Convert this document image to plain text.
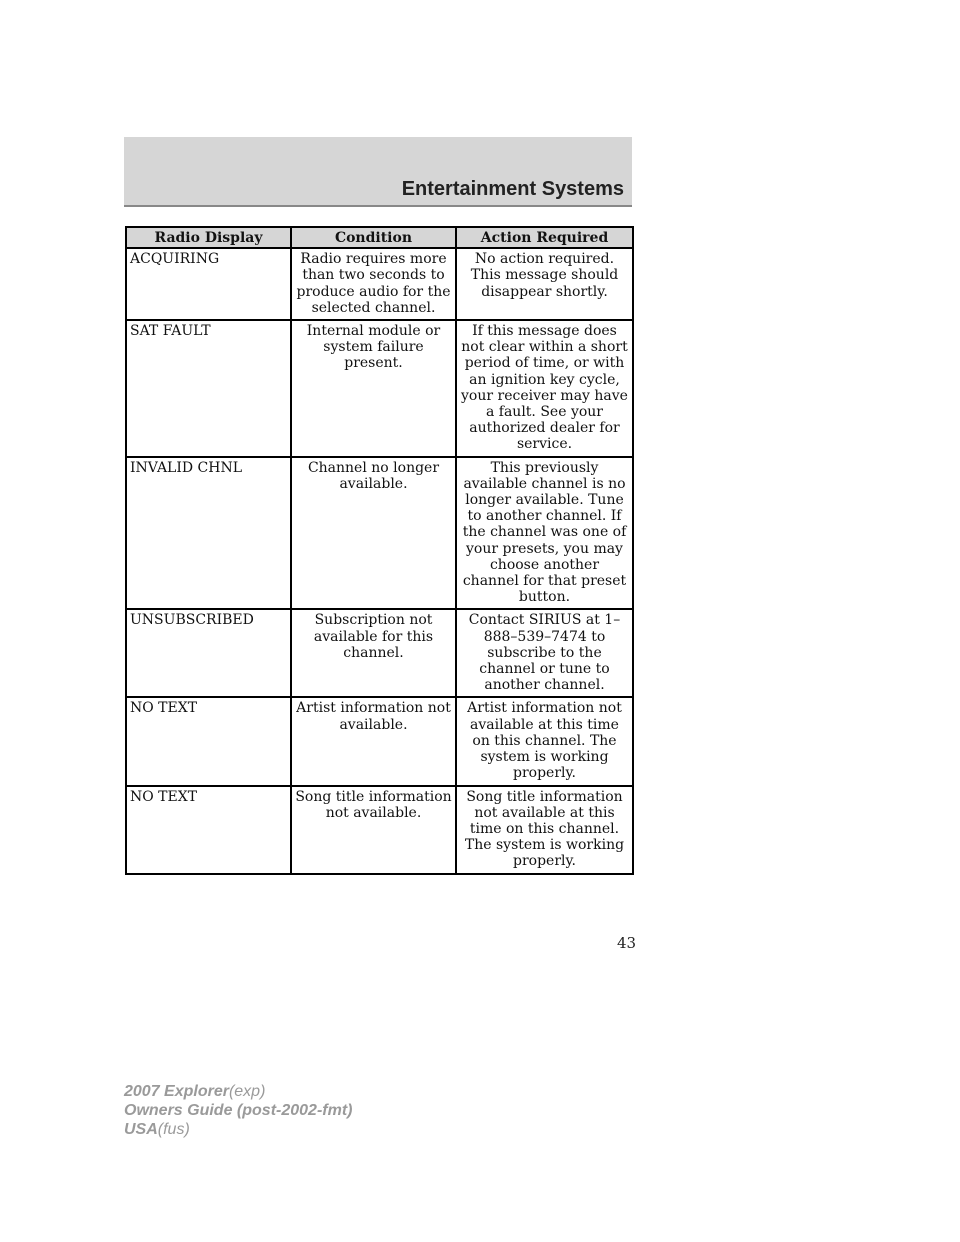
Entertainment Systems
Radio Display	Condition	Action Required
ACQUIRING	Radio requires more than two seconds to produce audio for the selected channel.	No action required. This message should disappear shortly.
SAT FAULT	Internal module or system failure present.	If this message does not clear within a short period of time, or with an ignition key cycle, your receiver may have a fault. See your authorized dealer for service.
INVALID CHNL	Channel no longer available.	This previously available channel is no longer available. Tune to another channel. If the channel was one of your presets, you may choose another channel for that preset button.
UNSUBSCRIBED	Subscription not available for this channel.	Contact SIRIUS at 1–888–539–7474 to subscribe to the channel or tune to another channel.
NO TEXT	Artist information not available.	Artist information not available at this time on this channel. The system is working properly.
NO TEXT	Song title information not available.	Song title information not available at this time on this channel. The system is working properly.
43
2007 Explorer(exp)
Owners Guide (post-2002-fmt)
USA(fus)
